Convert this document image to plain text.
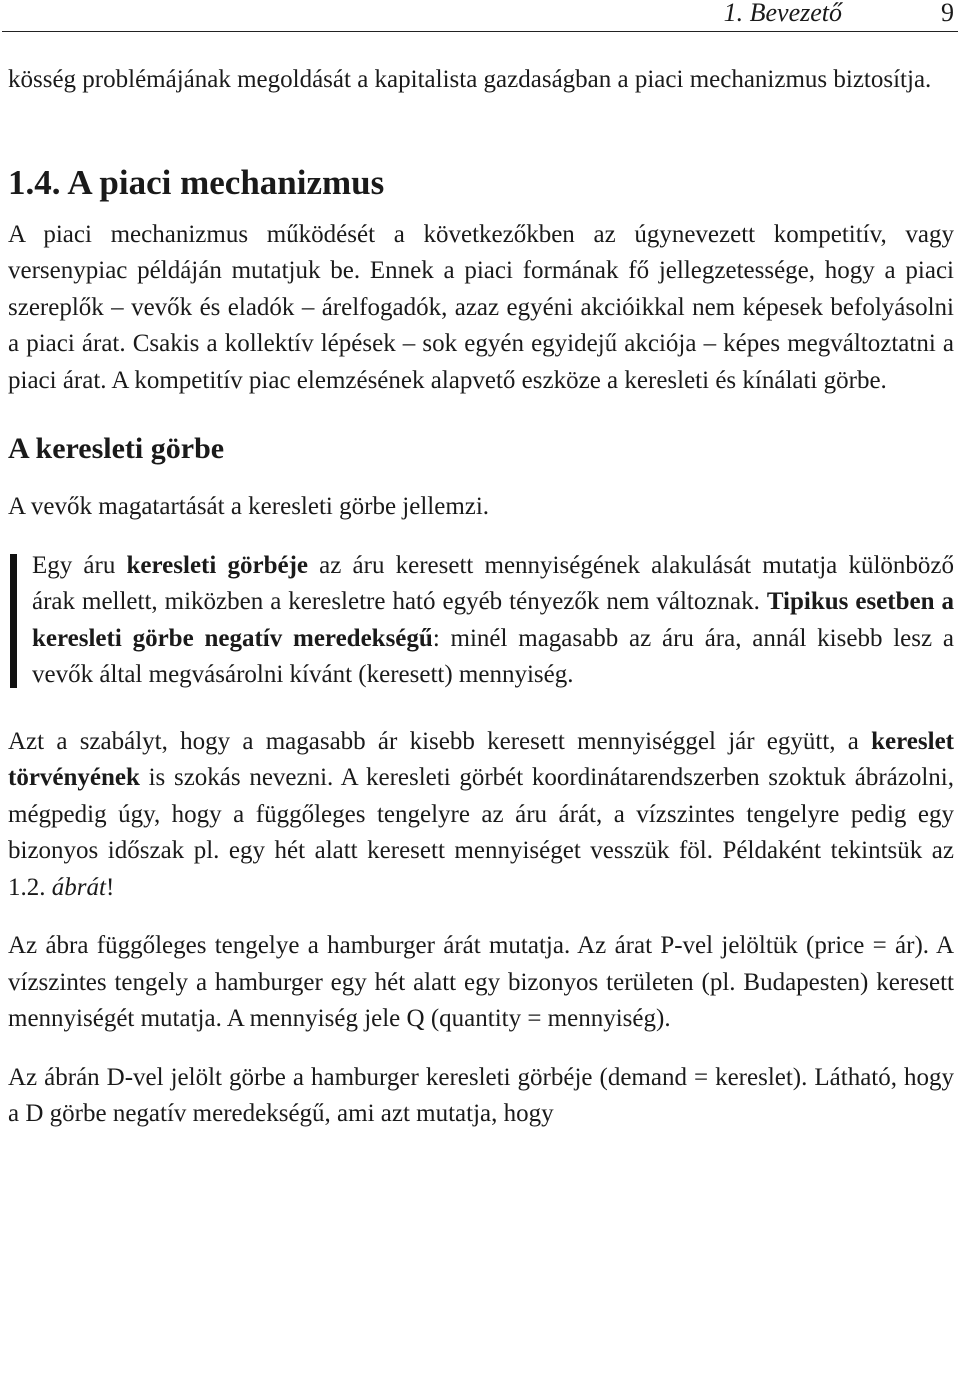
1. Bevezető	9

kösség problémájának megoldását a kapitalista gazdaságban a piaci mechanizmus biztosítja.

1.4. A piaci mechanizmus

A piaci mechanizmus működését a következőkben az úgynevezett kompetitív, vagy versenypiac példáján mutatjuk be. Ennek a piaci formának fő jellegzetessége, hogy a piaci szereplők – vevők és eladók – árelfogadók, azaz egyéni akcióikkal nem képesek befolyásolni a piaci árat. Csakis a kollektív lépések – sok egyén egyidejű akciója – képes megváltoztatni a piaci árat. A kompetitív piac elemzésének alapvető eszköze a keresleti és kínálati görbe.

A keresleti görbe

A vevők magatartását a keresleti görbe jellemzi.

Egy áru keresleti görbéje az áru keresett mennyiségének alakulását mutatja különböző árak mellett, miközben a keresletre ható egyéb tényezők nem változnak. Tipikus esetben a keresleti görbe negatív meredekségű: minél magasabb az áru ára, annál kisebb lesz a vevők által megvásárolni kívánt (keresett) mennyiség.

Azt a szabályt, hogy a magasabb ár kisebb keresett mennyiséggel jár együtt, a kereslet törvényének is szokás nevezni. A keresleti görbét koordinátarendszerben szoktuk ábrázolni, mégpedig úgy, hogy a függőleges tengelyre az áru árát, a vízszintes tengelyre pedig egy bizonyos időszak pl. egy hét alatt keresett mennyiséget vesszük föl. Példaként tekintsük az 1.2. ábrát!

Az ábra függőleges tengelye a hamburger árát mutatja. Az árat P-vel jelöltük (price = ár). A vízszintes tengely a hamburger egy hét alatt egy bizonyos területen (pl. Budapesten) keresett mennyiségét mutatja. A mennyiség jele Q (quantity = mennyiség).

Az ábrán D-vel jelölt görbe a hamburger keresleti görbéje (demand = kereslet). Látható, hogy a D görbe negatív meredekségű, ami azt mutatja, hogy
